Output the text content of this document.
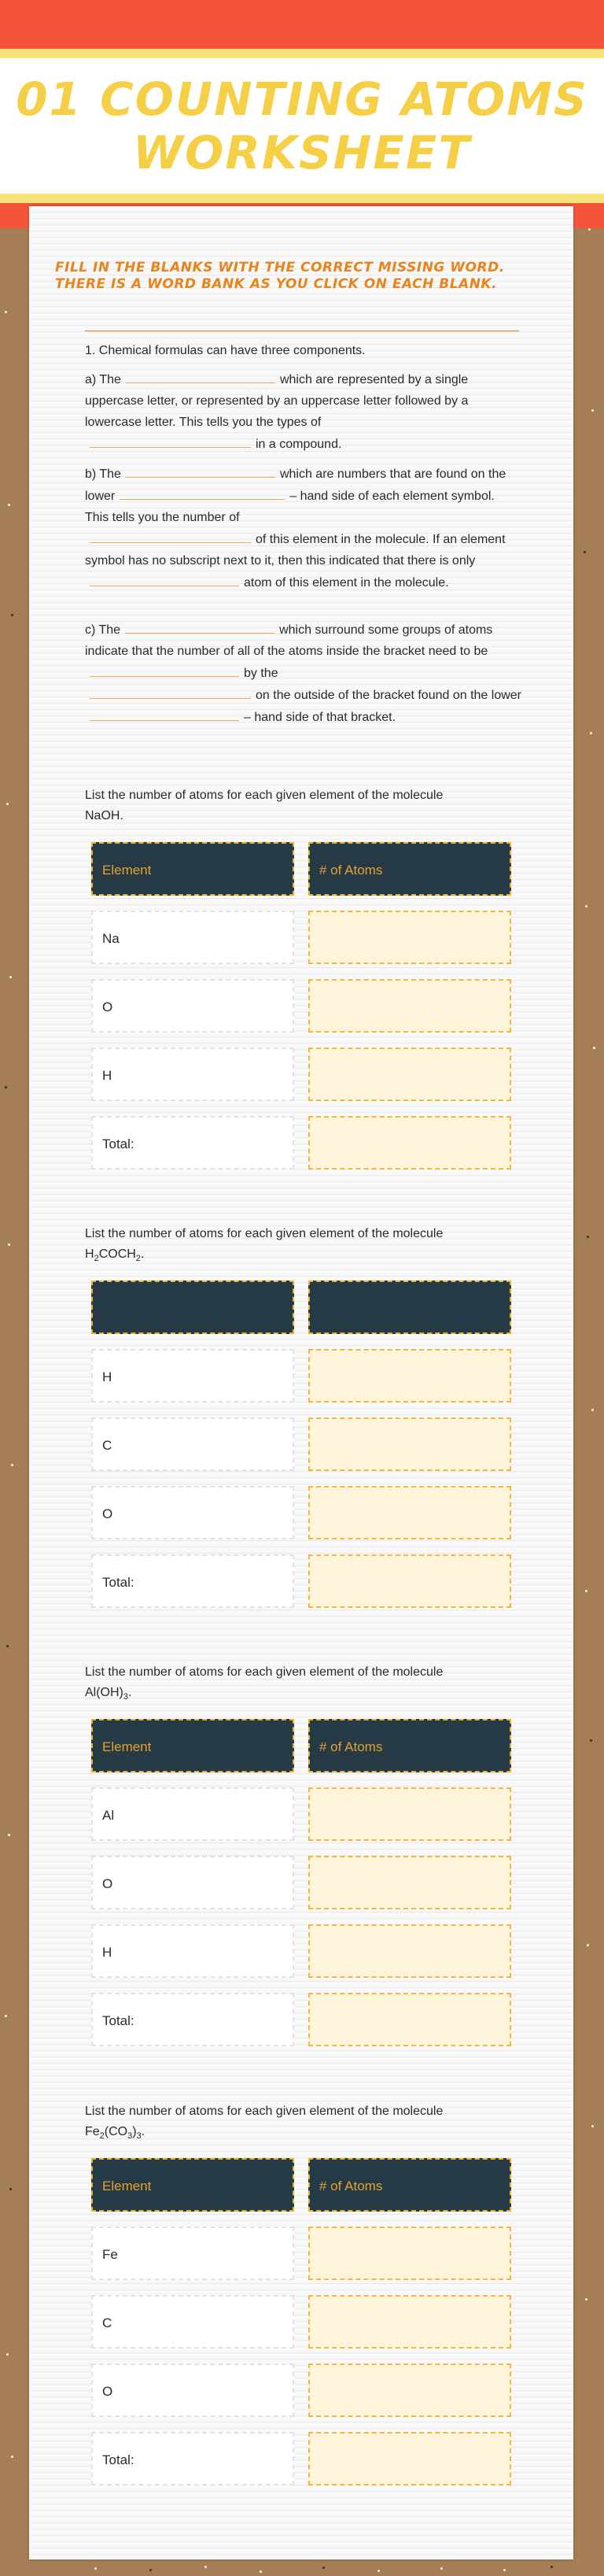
01 COUNTING ATOMS
WORKSHEET
FILL IN THE BLANKS WITH THE CORRECT MISSING WORD. THERE IS A WORD BANK AS YOU CLICK ON EACH BLANK.
1. Chemical formulas can have three components.
a) The	which are represented by a single uppercase letter, or represented by an uppercase letter followed by a lowercase letter. This tells you the types of
in a compound.
b) The	which are numbers that are found on the lower	– hand side of each element symbol. This tells you the number of
of this element in the molecule. If an element symbol has no subscript next to it, then this indicated that there is onlyatom of this element in the molecule.
c) The	which surround some groups of atoms indicate that the number of all of the atoms inside the bracket need to beby the
on the outside of the bracket found on the lower– hand side of that bracket.
List the number of atoms for each given element of the molecule
NaOH.
Element	# of Atoms
Na
O
H
Total:
List the number of atoms for each given element of the molecule
$H_2COCH_2$.
H
C
O
Total:
List the number of atoms for each given element of the molecule
$Al(OH)_3$.
Element	# of Atoms
Al
O
H
Total:
List the number of atoms for each given element of the molecule
$Fe_2(CO_3)_3$.
Element	# of Atoms
Fe
C
O
Total:
